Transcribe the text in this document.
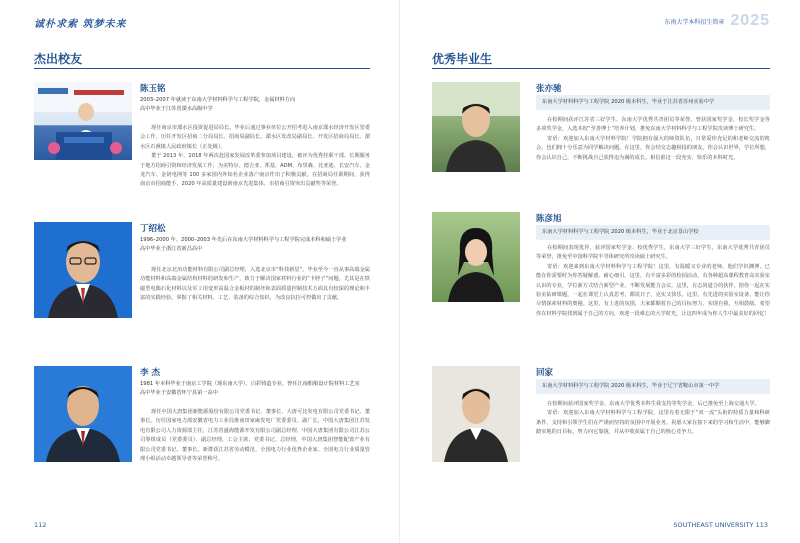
诚朴求索 筑梦未来
杰出校友
陈玉铭
2003–2007 年就读于东南大学材料科学与工程学院，金属材料方向
高中毕业于江苏省溧水高级中学

现任南京市溧水区投资促进局局长。毕业后通过事业单位公开招考进入南京溧水经济开发区管委会工作，历任开发区招商二分局局长、招商局副局长、溧水区发改局副局长、开发区招商局局长、溧水区石湫镇人民政府镇长（正处级）。

董于 2013 年、2018 年两次赴国家发展改革委参加项目建设，被评为优秀挂职干部。长期服务于地方招商引资和经济发展工作，为美特尔、德吉亚、邦基、ADM、布里森、比亚迪、长安汽车、金龙汽车、金钥电网等 100 多家国内外知名企业落户南京作出了积极贡献。在招商局任职期间，获得南京市招商能手、2020 年高质量建设新南京先进集体、市招商引资突出贡献奖等荣誉。

丁绍松
1996–2000 年、2000–2003 年先后在东南大学材料科学与工程学院完成本科和硕士学业
高中毕业于浙江省新昌高中

现任北京北冶功能材料有限公司副总经理，入选北京市“科技新星”。毕业至今一直从事高端金属功能材料和高端金属结构材料的研发和生产，致力于解决国家材料行业的“卡脖子”问题。尤其是在铁磁型电偶石化材料以及军工用变形高温合金板材的制坯和表面质量控制技术方面具有较深的理论和丰富的实践经验。掌握了相关材料、工艺、装备的综合知识，为改良抗拉可控做出了贡献。

李 杰
1981 年本科毕业于南京工学院（现东南大学），白彩铸造专业，曾任江南船舶设计院材料工艺室
高中毕业于安徽省怀宁县第一高中

现任中国大唐集团新能源股份有限公司党委书记、董事长、大唐可比发电有限公司党委书记、董事长。历任国家电力部安徽省电力工业局淮南田家庵发电厂党委委员、副厂长，中国大唐集团江苏发电有限公司人力资源部主任，江苏省盛海能源开发有限公司副总经理，中国大唐集团有限公司江苏公司筹组成员（党委委员）、副总经理，工会主席、党委书记、总经理，中国大唐集团智能配置产业有限公司党委书记、董事长。新群获江苏省劳动模范、全国电力行业优秀企业家、全国电力行业质量管理小组活动卓越领导者等荣誉称号。

112
东南大学本科招生简章 2025
优秀毕业生
张亦驰
东南大学材料科学与工程学院 2020 级本科生，毕业于江苏省苏州实验中学

在校期间获评江苏省三好学生、东南大学优秀共青团员等荣誉。曾获国家奖学金、校长奖学金等多项奖学金，入选本校“至善博士”培养计划，推免东南大学材料科学与工程学院攻读博士研究生。

寄语：欢迎加入东南大学材料学院！学院拥有强大的师资队伍，日常爱你充足的和老师交流的机会。也们拥十分乐意为同学解决问题。在这里，你会结交志趣相投的朋友，你会认识世界，学位所想，你会认识自己，不断挑战自己获得追为满的成长。相信谁这一段充实、快乐的本科时光。

陈彦旭
东南大学材料科学与工程学院 2020 级本科生，毕业于北京景山学校

在校期间表现优异，获评国家奖学金、校优秀学生，东南大学三好学生，东南大学优秀共青团员等荣誉，推免至中国科学院半导体研究所攻读硕士研究生。

寄语：欢迎来到东南大学材料科学与工程学院！这里，有温暖又专业的老师，他们学识渊博，已能在你需要时为你答疑解惑，耐心细引。这里，有丰富多彩的校园活动，有各种超高课程教育高实验室认识的专业，学位新方式结合新型产业，不断发展能力会议。这里，有志同道合的伙伴，陪你一起在实验室钻研课题，一起在课堂上认真思考，都说日子，克实又快乐。这里，有先进的实验室设备，能让你尽情探索材料的奥秘。这里，有上进的氛围，大家都顺着自己的目标努力，实现自我，互相鼓励。希望你在材料学院找到属于自己的方向，欢迎一段难忘的大学时光，让这四年成为你人生中最美好的回忆！

回家
东南大学材料科学与工程学院 2020 级本科生，毕业于辽宁省鞍山市第一中学

在校期间获评国家奖学金、东南大学优秀本科生我支持等奖学金，后已推免至上海交通大学。

寄语：欢迎加入东南大学材料科学与工程学院，这里有着无限于“双一流”头衔的特质力量和科研条件，支持和引领学生们在严谨而坚持的氛围中开展业务。祝愿大家在接下来的学习和生活中，能够脚踏实地的日目标，努力向它靠拢，并从中收获属于自己的核心竞争力。

SOUTHEAST UNIVERSITY 113
